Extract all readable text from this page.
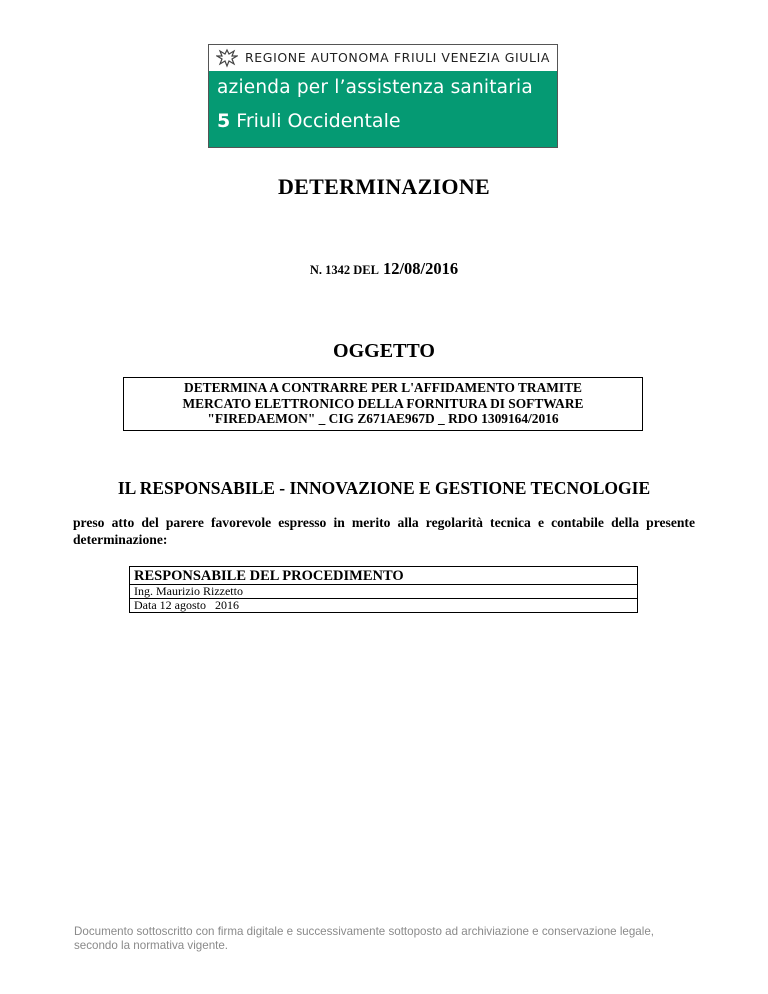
REGIONE AUTONOMA FRIULI VENEZIA GIULIA
azienda per l’assistenza sanitaria
5 Friuli Occidentale
DETERMINAZIONE
N. 1342 DEL 12/08/2016
OGGETTO
DETERMINA A CONTRARRE PER L'AFFIDAMENTO TRAMITE
MERCATO ELETTRONICO DELLA FORNITURA DI SOFTWARE
"FIREDAEMON" _ CIG Z671AE967D _ RDO 1309164/2016
IL RESPONSABILE - INNOVAZIONE E GESTIONE TECNOLOGIE
preso atto del parere favorevole espresso in merito alla regolarità tecnica e contabile della presente determinazione:
RESPONSABILE DEL PROCEDIMENTO
Ing. Maurizio Rizzetto
Data 12 agosto   2016
Documento sottoscritto con firma digitale e successivamente sottoposto ad archiviazione e conservazione legale,
secondo la normativa vigente.
